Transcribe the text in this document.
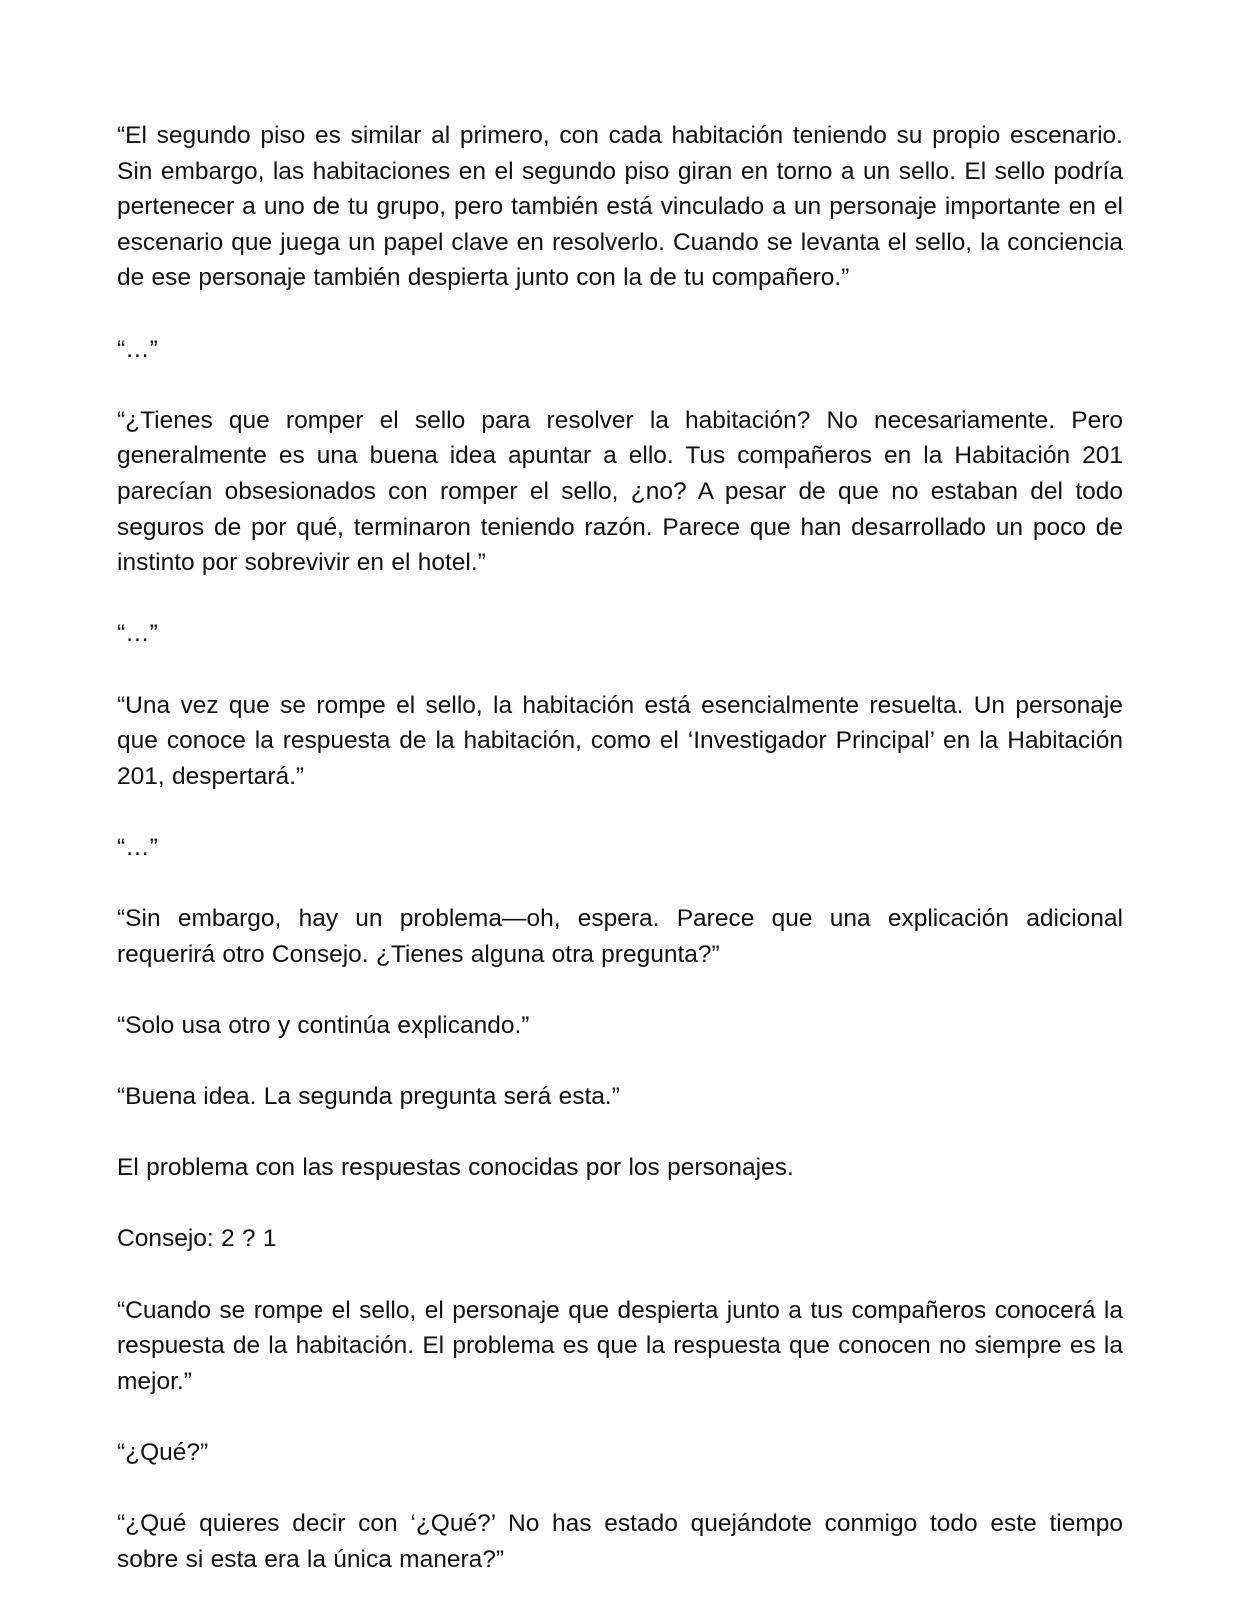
“El segundo piso es similar al primero, con cada habitación teniendo su propio escenario. Sin embargo, las habitaciones en el segundo piso giran en torno a un sello. El sello podría pertenecer a uno de tu grupo, pero también está vinculado a un personaje importante en el escenario que juega un papel clave en resolverlo. Cuando se levanta el sello, la conciencia de ese personaje también despierta junto con la de tu compañero.”

“…”

“¿Tienes que romper el sello para resolver la habitación? No necesariamente. Pero generalmente es una buena idea apuntar a ello. Tus compañeros en la Habitación 201 parecían obsesionados con romper el sello, ¿no? A pesar de que no estaban del todo seguros de por qué, terminaron teniendo razón. Parece que han desarrollado un poco de instinto por sobrevivir en el hotel.”

“…”

“Una vez que se rompe el sello, la habitación está esencialmente resuelta. Un personaje que conoce la respuesta de la habitación, como el ‘Investigador Principal’ en la Habitación 201, despertará.”

“…”

“Sin embargo, hay un problema—oh, espera. Parece que una explicación adicional requerirá otro Consejo. ¿Tienes alguna otra pregunta?”

“Solo usa otro y continúa explicando.”

“Buena idea. La segunda pregunta será esta.”

El problema con las respuestas conocidas por los personajes.

Consejo: 2 ? 1

“Cuando se rompe el sello, el personaje que despierta junto a tus compañeros conocerá la respuesta de la habitación. El problema es que la respuesta que conocen no siempre es la mejor.”

“¿Qué?”

“¿Qué quieres decir con ‘¿Qué?’ No has estado quejándote conmigo todo este tiempo sobre si esta era la única manera?”
